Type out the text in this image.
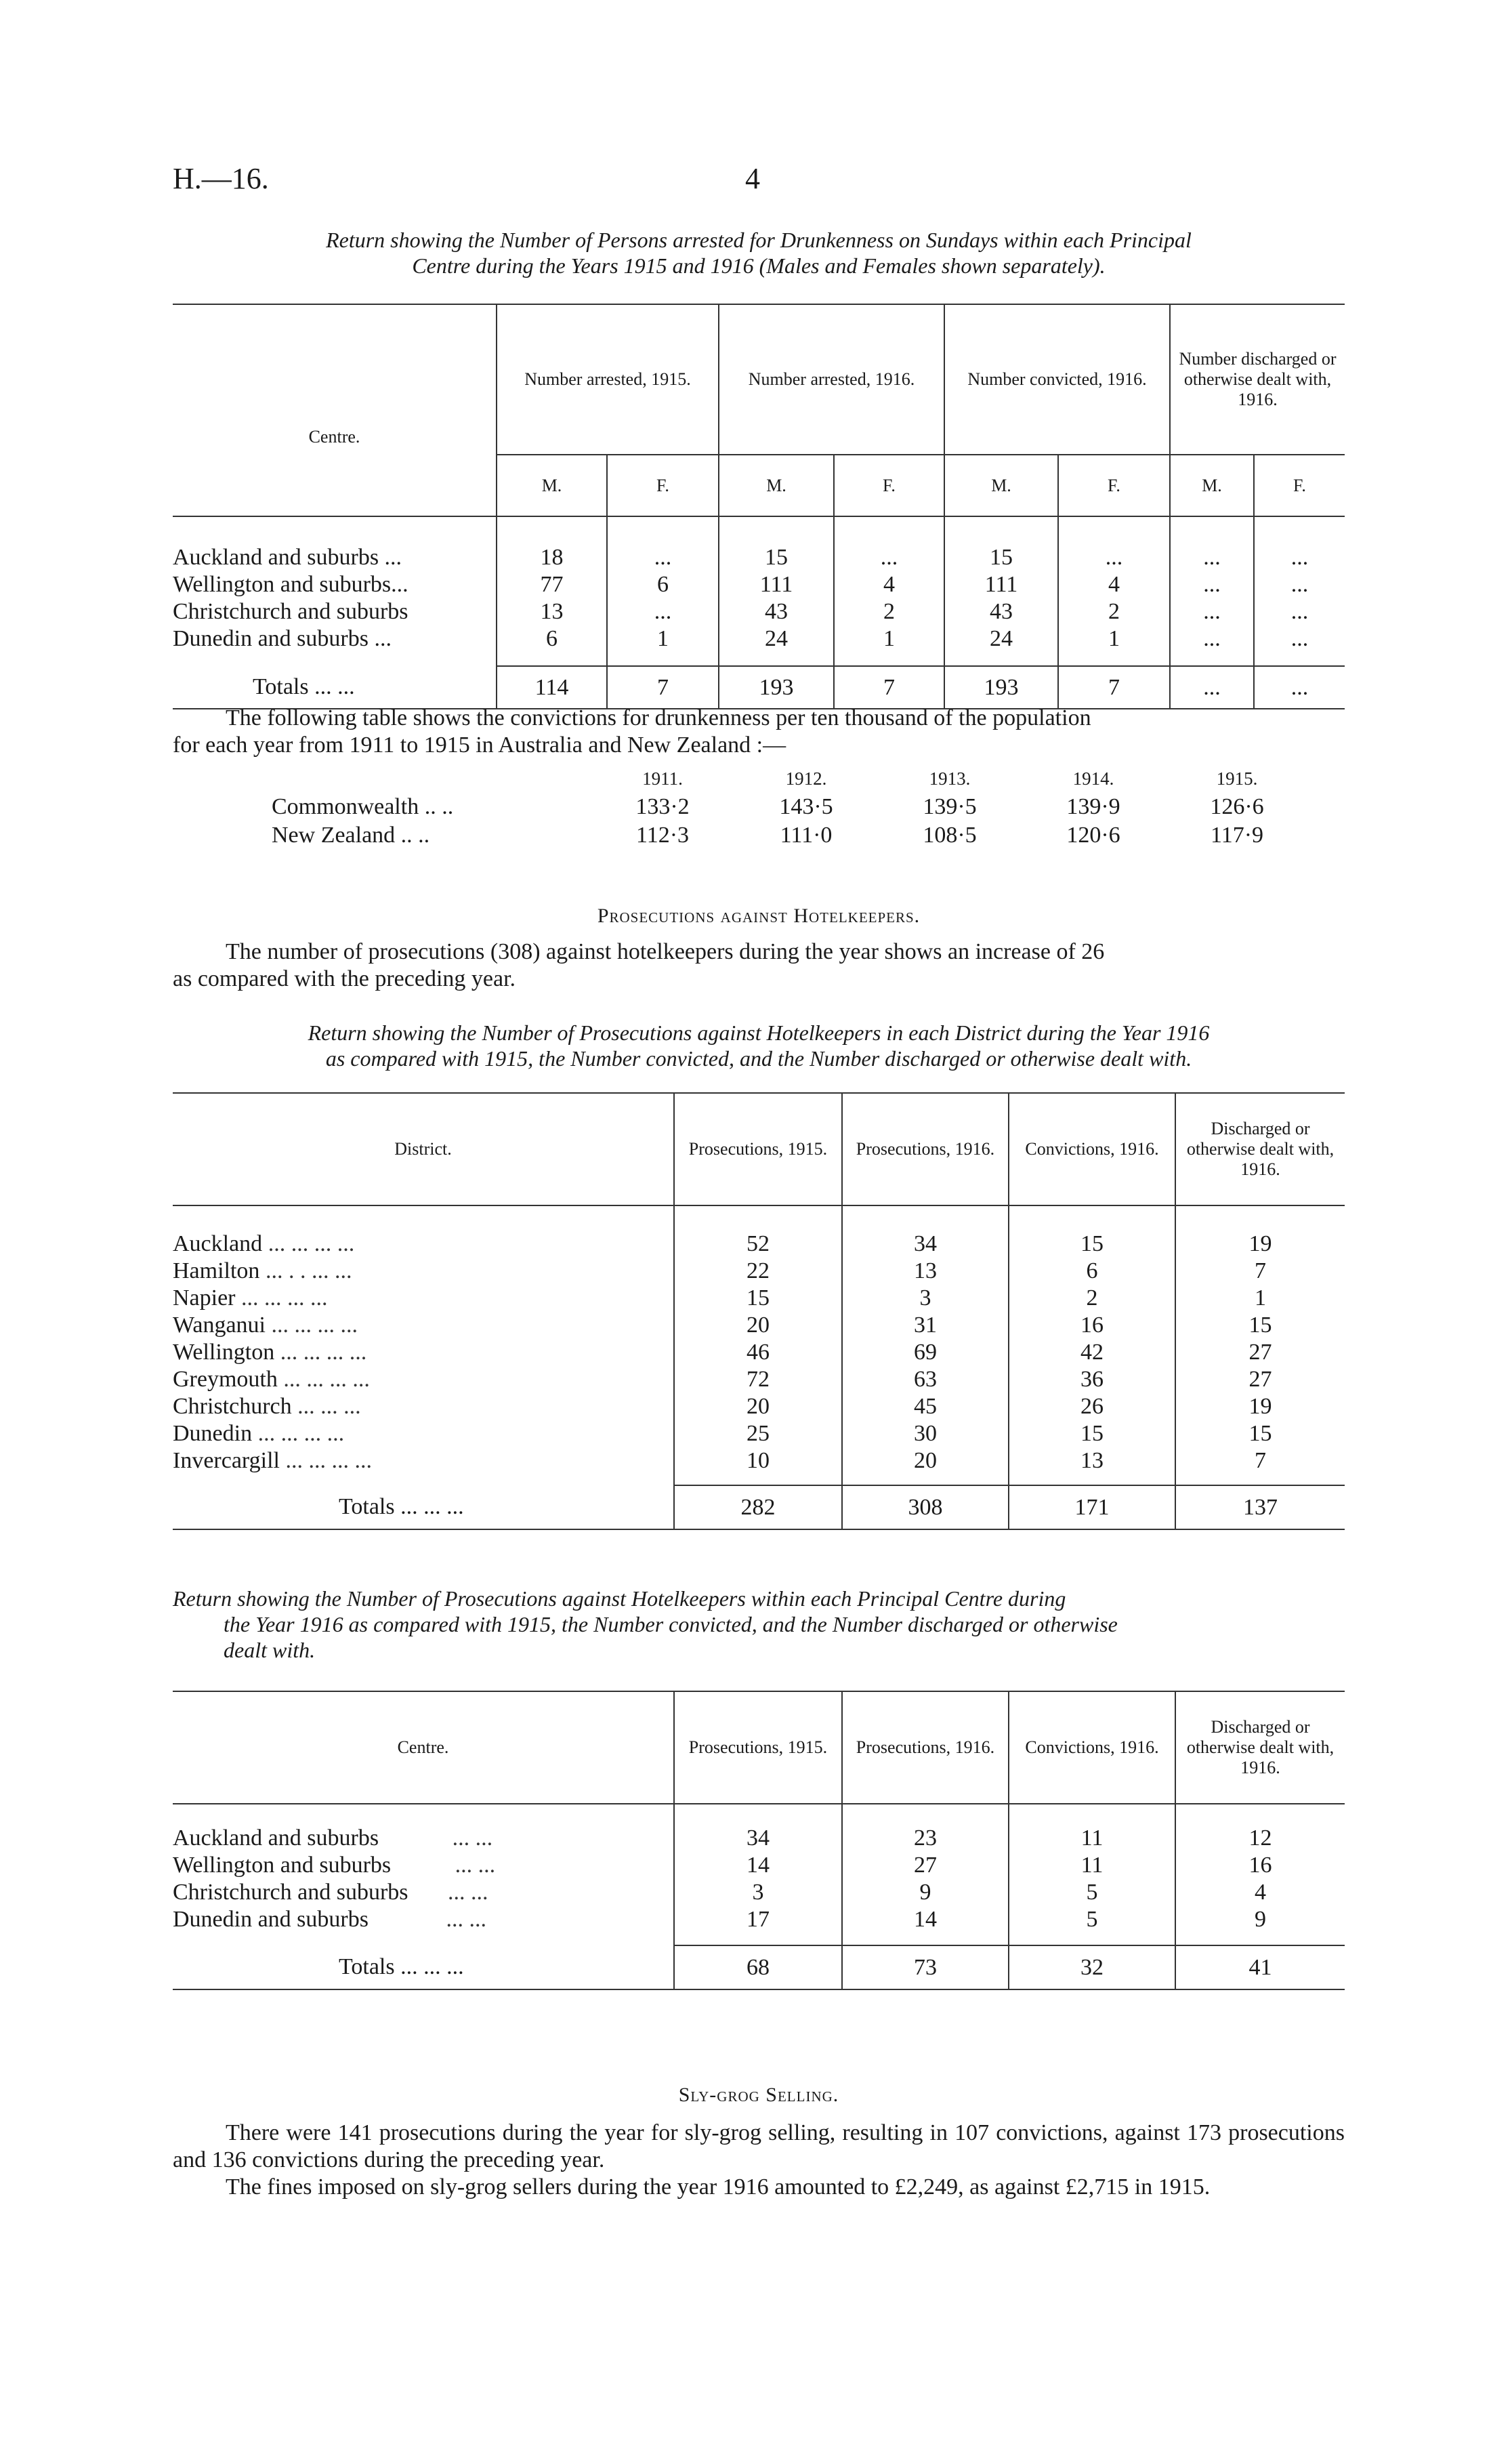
H.—16.	4
Return showing the Number of Persons arrested for Drunkenness on Sundays within each Principal
Centre during the Years 1915 and 1916 (Males and Females shown separately).
Centre.	Number arrested, 1915.		Number arrested, 1916.		Number convicted, 1916.		Number discharged or otherwise dealt with, 1916.	
	M.	F.	M.	F.	M.	F.	M.	F.

Auckland and suburbs ...	18	...	15	...	15	...	...	...
Wellington and suburbs...	77	6	111	4	111	4	...	...
Christchurch and suburbs	13	...	43	2	43	2	...	...
Dunedin and suburbs ...	6	1	24	1	24	1	...	...

Totals ... ...	114	7	193	7	193	7	...	...
The following table shows the convictions for drunkenness per ten thousand of the population
for each year from 1911 to 1915 in Australia and New Zealand :—
	1911.	1912.	1913.	1914.	1915.
Commonwealth .. ..	133·2	143·5	139·5	139·9	126·6
New Zealand .. ..	112·3	111·0	108·5	120·6	117·9
Prosecutions against Hotelkeepers.
The number of prosecutions (308) against hotelkeepers during the year shows an increase of 26
as compared with the preceding year.
Return showing the Number of Prosecutions against Hotelkeepers in each District during the Year 1916
as compared with 1915, the Number convicted, and the Number discharged or otherwise dealt with.
District.	Prosecutions, 1915.	Prosecutions, 1916.	Convictions, 1916.	Discharged or otherwise dealt with, 1916.

Auckland ... ... ... ...	52	34	15	19
Hamilton ... . . ... ...	22	13	6	7
Napier ... ... ... ...	15	3	2	1
Wanganui ... ... ... ...	20	31	16	15
Wellington ... ... ... ...	46	69	42	27
Greymouth ... ... ... ...	72	63	36	27
Christchurch ... ... ...	20	45	26	19
Dunedin ... ... ... ...	25	30	15	15
Invercargill ... ... ... ...	10	20	13	7

Totals ... ... ...	282	308	171	137
Return showing the Number of Prosecutions against Hotelkeepers within each Principal Centre during
the Year 1916 as compared with 1915, the Number convicted, and the Number discharged or otherwise
dealt with.
Centre.	Prosecutions, 1915.	Prosecutions, 1916.	Convictions, 1916.	Discharged or otherwise dealt with, 1916.

Auckland and suburbs ... ...	34	23	11	12
Wellington and suburbs ... ...	14	27	11	16
Christchurch and suburbs ... ...	3	9	5	4
Dunedin and suburbs ... ...	17	14	5	9

Totals ... ... ...	68	73	32	41
Sly-grog Selling.

There were 141 prosecutions during the year for sly-grog selling, resulting in 107 convictions, against 173 prosecutions and 136 convictions during the preceding year.

The fines imposed on sly-grog sellers during the year 1916 amounted to £2,249, as against £2,715 in 1915.
